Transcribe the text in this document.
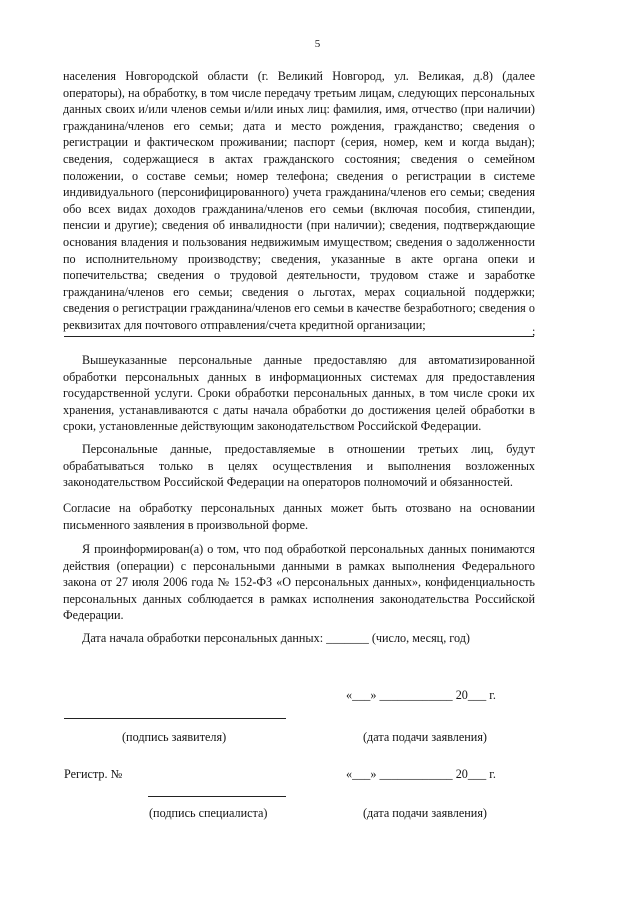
5

населения Новгородской области (г. Великий Новгород, ул. Великая, д.8) (далее операторы), на обработку, в том числе передачу третьим лицам, следующих персональных данных своих и/или членов семьи и/или иных лиц: фамилия, имя, отчество (при наличии) гражданина/членов его семьи; дата и место рождения, гражданство; сведения о регистрации и фактическом проживании; паспорт (серия, номер, кем и когда выдан); сведения, содержащиеся в актах гражданского состояния; сведения о семейном положении, о составе семьи; номер телефона; сведения о регистрации в системе индивидуального (персонифицированного) учета гражданина/членов его семьи; сведения обо всех видах доходов гражданина/членов его семьи (включая пособия, стипендии, пенсии и другие); сведения об инвалидности (при наличии); сведения, подтверждающие основания владения и пользования недвижимым имуществом; сведения о задолженности по исполнительному производству; сведения, указанные в акте органа опеки и попечительства; сведения о трудовой деятельности, трудовом стаже и заработке гражданина/членов его семьи; сведения о льготах, мерах социальной поддержки; сведения о регистрации гражданина/членов его семьи в качестве безработного; сведения о реквизитах для почтового отправления/счета кредитной организации;	;

Вышеуказанные персональные данные предоставляю для автоматизированной обработки персональных данных в информационных системах для предоставления государственной услуги. Сроки обработки персональных данных, в том числе сроки их хранения, устанавливаются с даты начала обработки до достижения целей обработки в сроки, установленные действующим законодательством Российской Федерации.

Персональные данные, предоставляемые в отношении третьих лиц, будут обрабатываться только в целях осуществления и выполнения возложенных законодательством Российской Федерации на операторов полномочий и обязанностей.

Согласие на обработку персональных данных может быть отозвано на основании письменного заявления в произвольной форме.

Я проинформирован(а) о том, что под обработкой персональных данных понимаются действия (операции) с персональными данными в рамках выполнения Федерального закона от 27 июля 2006 года № 152-ФЗ «О персональных данных», конфиденциальность персональных данных соблюдается в рамках исполнения законодательства Российской Федерации.

Дата начала обработки персональных данных: _______ (число, месяц, год)

«___» ____________ 20___ г.
(подпись заявителя)	(дата подачи заявления)
Регистр. №	«___» ____________ 20___ г.
(подпись специалиста)	(дата подачи заявления)
